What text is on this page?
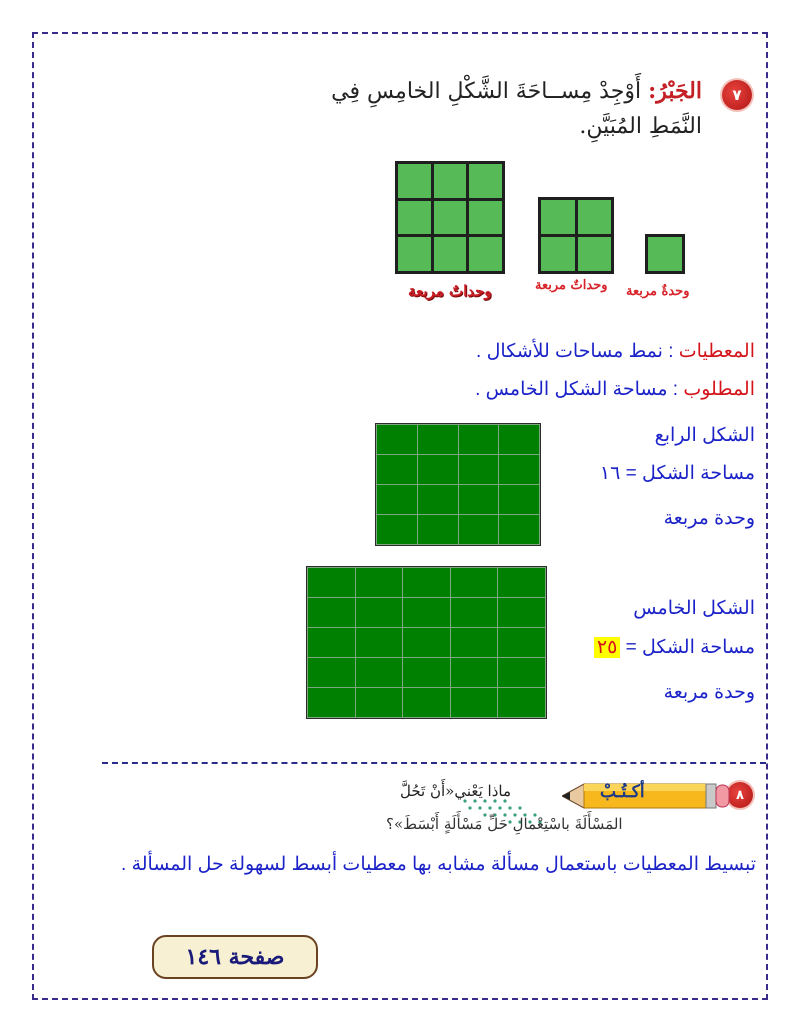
٧
الجَبْرُ: أَوْجِدْ مِســاحَةَ الشَّكْلِ الخامِسِ فِي
النَّمَطِ المُبَيَّنِ.
وحداتٌ مربعة	وحداتٌ مربعة وحدةٌ مربعة
المعطيات : نمط مساحات للأشكال .
المطلوب : مساحة الشكل الخامس .
الشكل الرابع
مساحة الشكل = ١٦
وحدة مربعة
الشكل الخامس
مساحة الشكل = ٢٥
وحدة مربعة
٨
أكـتُـبْ
ماذا يَعْني«أَنْ تَحُلَّ
المَسْأَلَةَ باسْتِعْمالِ حَلِّ مَسْأَلَةٍ أَبْسَطَ»؟
تبسيط المعطيات باستعمال مسألة مشابه بها معطيات أبسط لسهولة حل المسألة .
صفحة ١٤٦
